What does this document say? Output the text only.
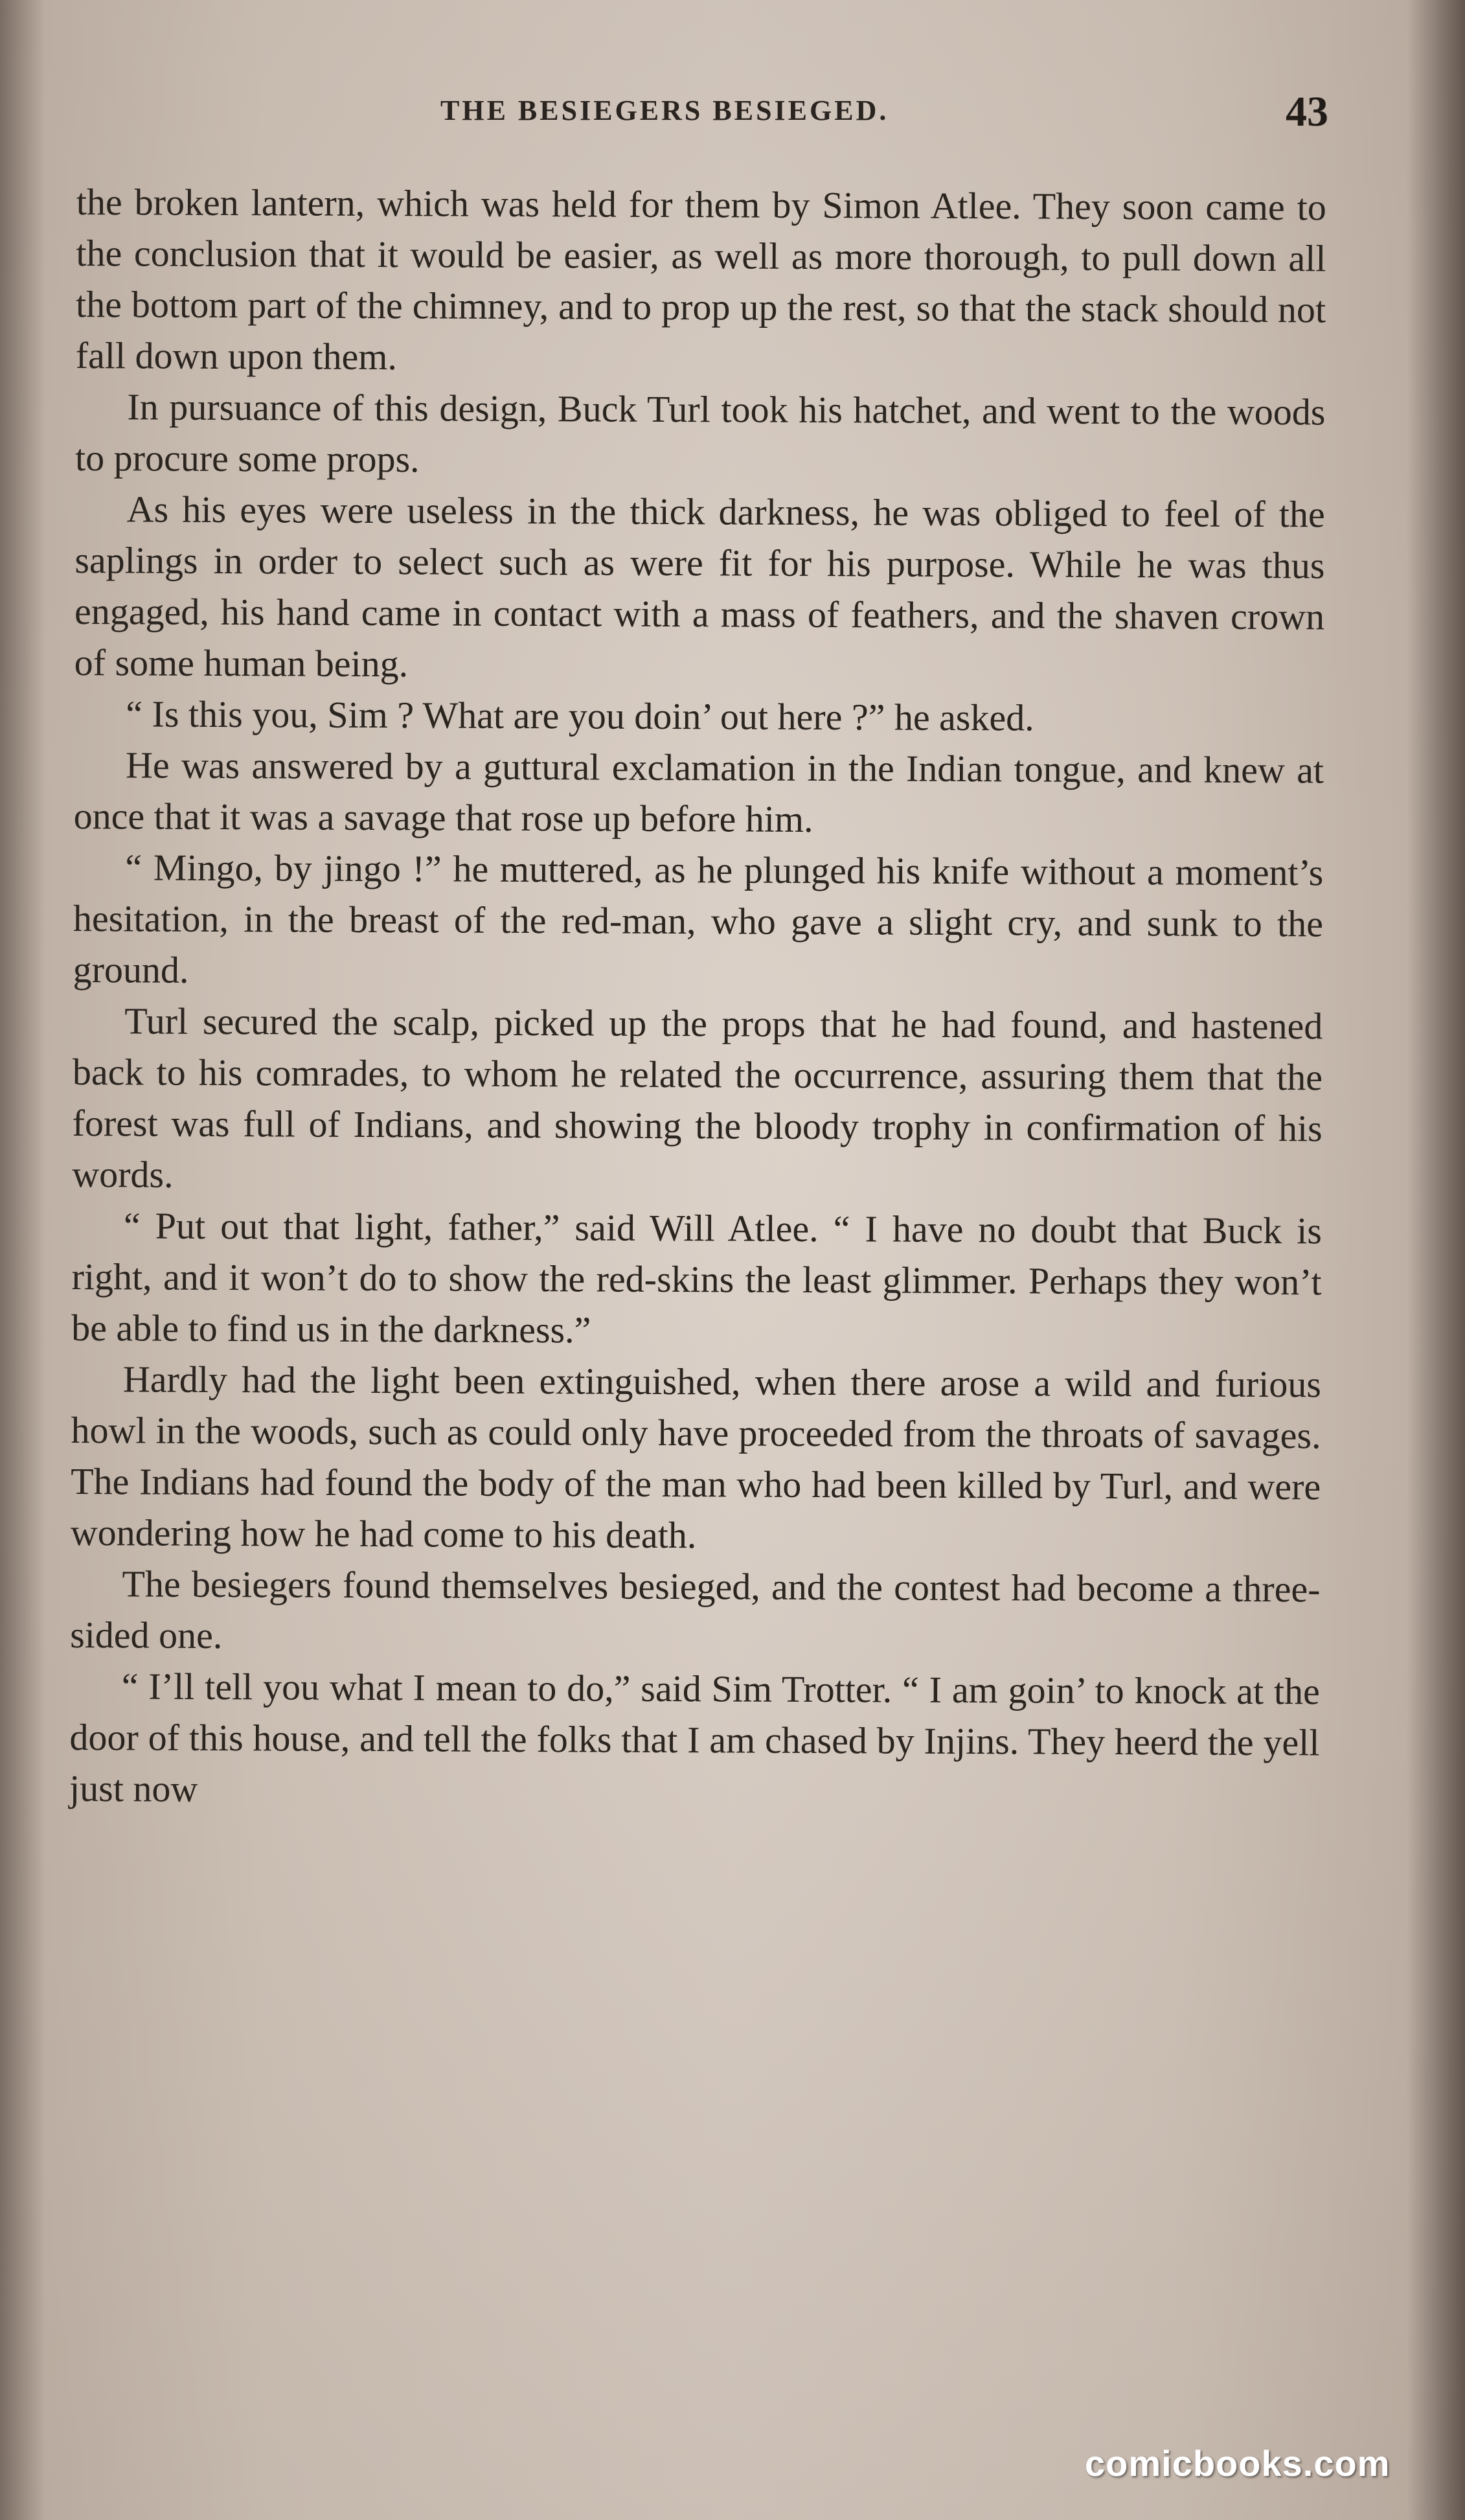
THE BESIEGERS BESIEGED.	43

the broken lantern, which was held for them by Simon Atlee. They soon came to the conclusion that it would be easier, as well as more thorough, to pull down all the bottom part of the chimney, and to prop up the rest, so that the stack should not fall down upon them.

In pursuance of this design, Buck Turl took his hatchet, and went to the woods to procure some props.

As his eyes were useless in the thick darkness, he was obliged to feel of the saplings in order to select such as were fit for his purpose. While he was thus engaged, his hand came in contact with a mass of feathers, and the shaven crown of some human being.

“ Is this you, Sim ? What are you doin’ out here ?” he asked.

He was answered by a guttural exclamation in the Indian tongue, and knew at once that it was a savage that rose up before him.

“ Mingo, by jingo !” he muttered, as he plunged his knife without a moment’s hesitation, in the breast of the red-man, who gave a slight cry, and sunk to the ground.

Turl secured the scalp, picked up the props that he had found, and hastened back to his comrades, to whom he related the occurrence, assuring them that the forest was full of Indians, and showing the bloody trophy in confirmation of his words.

“ Put out that light, father,” said Will Atlee. “ I have no doubt that Buck is right, and it won’t do to show the red-skins the least glimmer. Perhaps they won’t be able to find us in the darkness.”

Hardly had the light been extinguished, when there arose a wild and furious howl in the woods, such as could only have proceeded from the throats of savages. The Indians had found the body of the man who had been killed by Turl, and were wondering how he had come to his death.

The besiegers found themselves besieged, and the contest had become a three-sided one.

“ I’ll tell you what I mean to do,” said Sim Trotter. “ I am goin’ to knock at the door of this house, and tell the folks that I am chased by Injins. They heerd the yell just now

comicbooks.com
